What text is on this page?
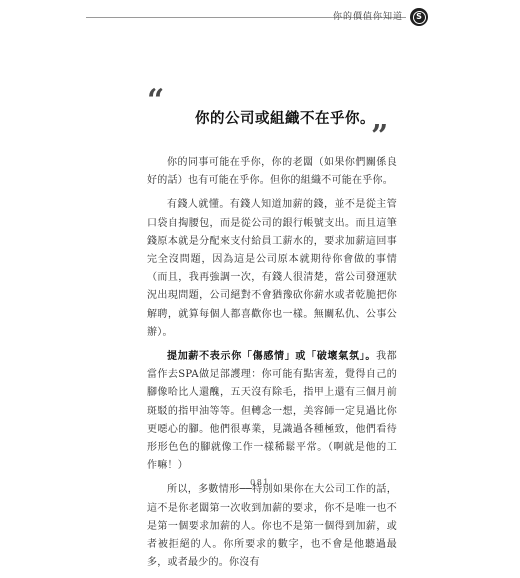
你的價值你知道	S
“
你的公司或組織不在乎你。
”

你的同事可能在乎你，你的老闆（如果你們關係良好的話）也有可能在乎你。但你的組織不可能在乎你。

有錢人就懂。有錢人知道加薪的錢，並不是從主管口袋自掏腰包，而是從公司的銀行帳號支出。而且這筆錢原本就是分配來支付給員工薪水的，要求加薪這回事完全沒問題，因為這是公司原本就期待你會做的事情（而且，我再強調一次，有錢人很清楚，當公司發運狀況出現問題，公司絕對不會猶豫砍你薪水或者乾脆把你解聘，就算每個人都喜歡你也一樣。無關私仇、公事公辦）。

提加薪不表示你「傷感情」或「破壞氣氛」。我都當作去SPA做足部護理：你可能有點害羞，覺得自己的腳像哈比人還醜，五天沒有除毛，指甲上還有三個月前斑駁的指甲油等等。但轉念一想，美容師一定見過比你更噁心的腳。他們很專業，見識過各種極致，他們看待形形色色的腳就像工作一樣稀鬆平常。（啊就是他的工作嘛！）

所以，多數情形──特別如果你在大公司工作的話，這不是你老闆第一次收到加薪的要求，你不是唯一也不是第一個要求加薪的人。你也不是第一個得到加薪，或者被拒絕的人。你所要求的數字，也不會是他聽過最多，或者最少的。你沒有

081
